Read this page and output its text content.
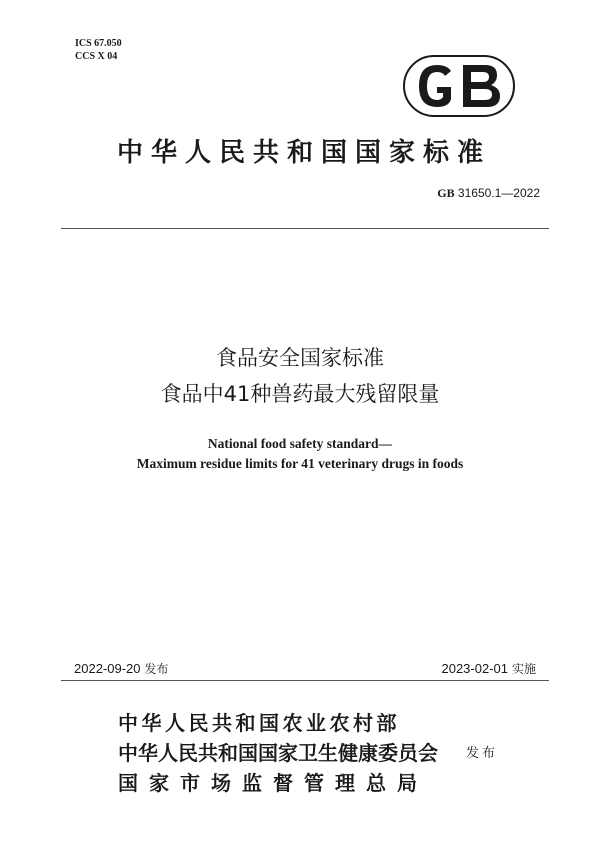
ICS 67.050
CCS X 04
中华人民共和国国家标准
GB 31650.1—2022
食品安全国家标准
食品中41种兽药最大残留限量
National food safety standard—
Maximum residue limits for 41 veterinary drugs in foods
2022-09-20 发布	2023-02-01 实施
中华人民共和国农业农村部
中华人民共和国国家卫生健康委员会
国家市场监督管理总局
发布
